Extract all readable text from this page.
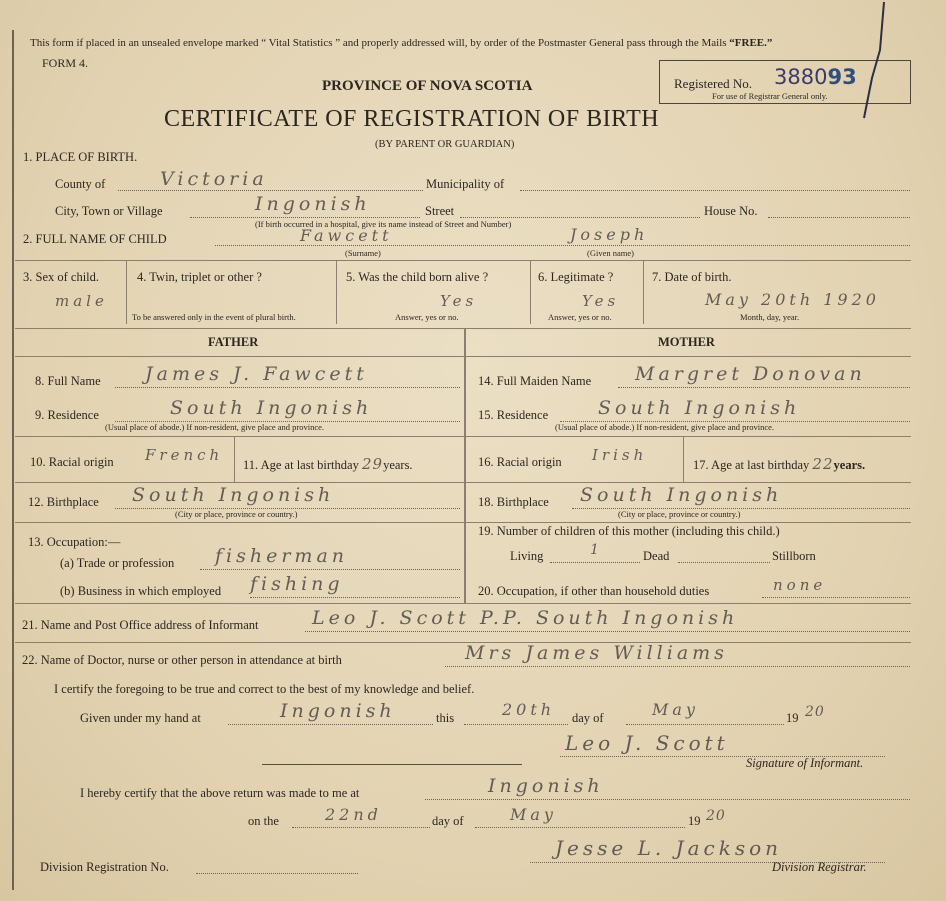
This form if placed in an unsealed envelope marked “ Vital Statistics ” and properly addressed will, by order of the Postmaster General pass through the Mails “FREE.”
FORM 4.
PROVINCE OF NOVA SCOTIA
CERTIFICATE OF REGISTRATION OF BIRTH
(BY PARENT OR GUARDIAN)
Registered No. 388093
For use of Registrar General only.
1. PLACE OF BIRTH.
County of	Victoria	Municipality of
City, Town or Village	Ingonish	Street	House No.
(If birth occurred in a hospital, give its name instead of Street and Number)
2. FULL NAME OF CHILD	Fawcett	Joseph
(Surname)	(Given name)
3. Sex of child.
male
4. Twin, triplet or other ?
To be answered only in the event of plural birth.
5. Was the child born alive ?
Yes
Answer, yes or no.
6. Legitimate ?
Yes
Answer, yes or no.
7. Date of birth.
May 20th 1920
Month, day, year.
FATHER	MOTHER
8. Full Name James J. Fawcett
9. Residence	South Ingonish
(Usual place of abode.) If non-resident, give place and province.
10. Racial origin French
11. Age at last birthday 29years.
12. Birthplace South Ingonish
(City or place, province or country.)
13. Occupation:—
(a) Trade or profession fisherman
(b) Business in which employed fishing
14. Full Maiden Name Margret Donovan
15. Residence	South Ingonish
(Usual place of abode.) If non-resident, give place and province.
16. Racial origin Irish
17. Age at last birthday 22years.
18. Birthplace South Ingonish
(City or place, province or country.)
19. Number of children of this mother (including this child.)
Living	1	Dead	Stillborn
20. Occupation, if other than household duties	none
21. Name and Post Office address of Informant	Leo J. Scott P.P. South Ingonish
22. Name of Doctor, nurse or other person in attendance at birth	Mrs James Williams
I certify the foregoing to be true and correct to the best of my knowledge and belief.
Given under my hand at	Ingonish	this	20th day of	May	19 20
Leo J. Scott
Signature of Informant.
I hereby certify that the above return was made to me at	Ingonish
on the	22nd	day of	May	19 20
Division Registration No.
Jesse L. Jackson
Division Registrar.
